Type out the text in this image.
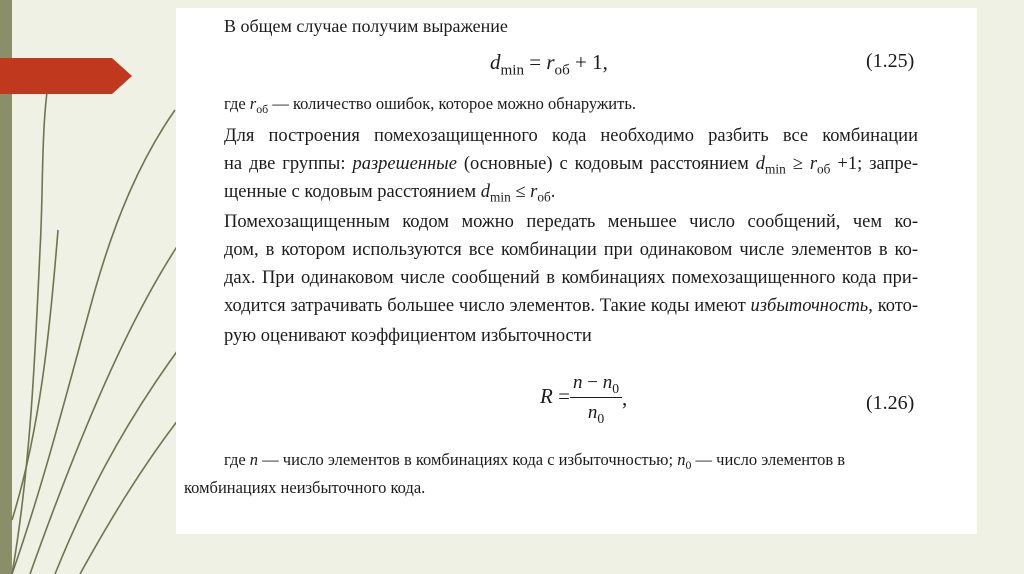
В общем случае получим выражение
$d_{min} = r_{об} + 1$,	(1.25)
где $r_{об}$ — количество ошибок, которое можно обнаружить.
Для построения помехозащищенного кода необходимо разбить все комбинации
на две группы: разрешенные (основные) с кодовым расстоянием $d_{min} \ge r_{об} +1$; запре-
щенные с кодовым расстоянием $d_{min} \le r_{об}$.
Помехозащищенным кодом можно передать меньшее число сообщений, чем ко-
дом, в котором используются все комбинации при одинаковом числе элементов в ко-
дах. При одинаковом числе сообщений в комбинациях помехозащищенного кода при-
ходится затрачивать большее число элементов. Такие коды имеют избыточность, кото-
рую оценивают коэффициентом избыточности
R =
$n - n_0$
$n_0$
,	(1.26)
где n — число элементов в комбинациях кода с избыточностью; $n_0$ — число элементов в
комбинациях неизбыточного кода.
